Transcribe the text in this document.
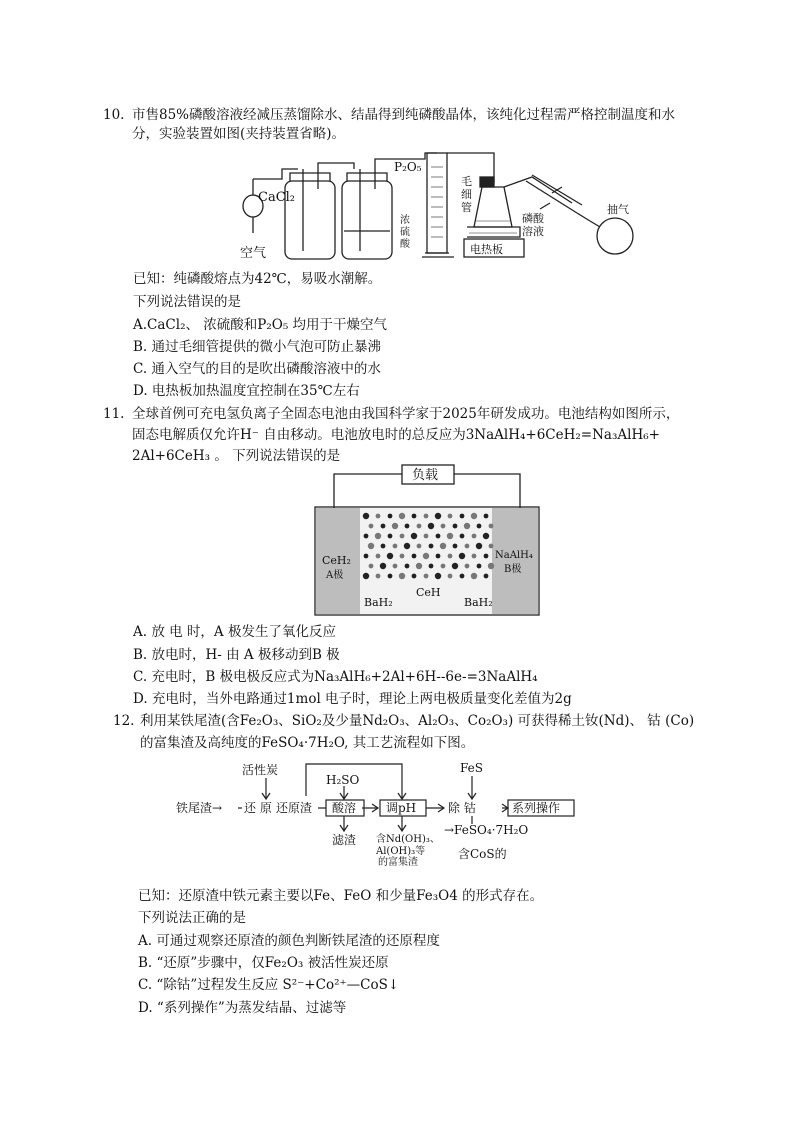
10. 市售85%磷酸溶液经减压蒸馏除水、结晶得到纯磷酸晶体，该纯化过程需严格控制温度和水
分，实验装置如图(夹持装置省略)。
CaCl₂
空气
P₂O₅
浓
硫
酸
毛
细
管
磷酸
溶液
电热板
抽气
已知：纯磷酸熔点为42℃，易吸水潮解。
下列说法错误的是
A.CaCl₂、 浓硫酸和P₂O₅ 均用于干燥空气
B. 通过毛细管提供的微小气泡可防止暴沸
C. 通入空气的目的是吹出磷酸溶液中的水
D. 电热板加热温度宜控制在35℃左右
11. 全球首例可充电氢负离子全固态电池由我国科学家于2025年研发成功。电池结构如图所示，
固态电解质仅允许H⁻ 自由移动。电池放电时的总反应为3NaAlH₄+6CeH₂=Na₃AlH₆+
2Al+6CeH₃ 。 下列说法错误的是
负载
CeH₂
A极
NaAlH₄
B极
BaH₂
CeH
BaH₂
A. 放 电 时，A 极发生了氧化反应
B. 放电时，H- 由 A 极移动到B 极
C. 充电时，B 极电极反应式为Na₃AlH₆+2Al+6H--6e-=3NaAlH₄
D. 充电时，当外电路通过1mol 电子时，理论上两电极质量变化差值为2g
12. 利用某铁尾渣(含Fe₂O₃、SiO₂及少量Nd₂O₃、Al₂O₃、Co₂O₃) 可获得稀土钕(Nd)、 钴 (Co)
的富集渣及高纯度的FeSO₄·7H₂O, 其工艺流程如下图。
活性炭
H₂SO
FeS
铁尾渣→ 还 原 还原渣 酸溶 调pH	除 钴	系列操作
滤渣 含Nd(OH)₃、
Al(OH)₃等
的富集渣
→FeSO₄·7H₂O
含CoS的
已知：还原渣中铁元素主要以Fe、FeO 和少量Fe₃O4 的形式存在。
下列说法正确的是
A. 可通过观察还原渣的颜色判断铁尾渣的还原程度
B. “还原”步骤中，仅Fe₂O₃ 被活性炭还原
C. “除钴”过程发生反应 S²⁻+Co²⁺—CoS↓
D. “系列操作”为蒸发结晶、过滤等
